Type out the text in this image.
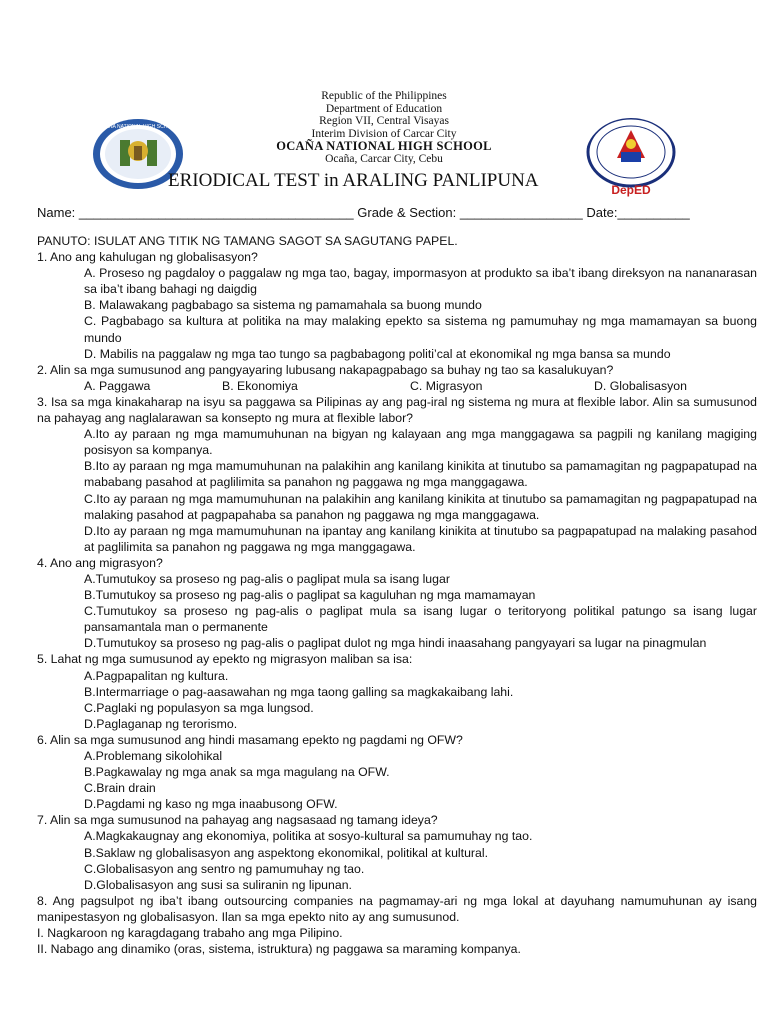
Republic of the Philippines
Department of Education
Region VII, Central Visayas
Interim Division of Carcar City
OCAÑA NATIONAL HIGH SCHOOL
Ocaña, Carcar City, Cebu
OCAÑA NATIONAL HIGH SCHOOL
DepED
ERIODICAL TEST in ARALING PANLIPUNA
Name: ______________________________________ Grade & Section: _________________ Date:__________

PANUTO: ISULAT ANG TITIK NG TAMANG SAGOT SA SAGUTANG PAPEL.

1. Ano ang kahulugan ng globalisasyon?

A. Proseso ng pagdaloy o paggalaw ng mga tao, bagay, impormasyon at produkto sa iba’t ibang direksyon na nananarasan sa iba’t ibang bahagi ng daigdig

B. Malawakang pagbabago sa sistema ng pamamahala sa buong mundo

C. Pagbabago sa kultura at politika na may malaking epekto sa sistema ng pamumuhay ng mga mamamayan sa buong mundo

D. Mabilis na paggalaw ng mga tao tungo sa pagbabagong politi’cal at ekonomikal ng mga bansa sa mundo

2. Alin sa mga sumusunod ang pangyayaring lubusang nakapagpabago sa buhay ng tao sa kasalukuyan?

A. Paggawa	B. Ekonomiya	C. Migrasyon	D. Globalisasyon

3. Isa sa mga kinakaharap na isyu sa paggawa sa Pilipinas ay ang pag-iral ng sistema ng mura at flexible labor. Alin sa sumusunod na pahayag ang naglalarawan sa konsepto ng mura at flexible labor?

A.Ito ay paraan ng mga mamumuhunan na bigyan ng kalayaan ang mga manggagawa sa pagpili ng kanilang magiging posisyon sa kompanya.

B.Ito ay paraan ng mga mamumuhunan na palakihin ang kanilang kinikita at tinutubo sa pamamagitan ng pagpapatupad na mababang pasahod at paglilimita sa panahon ng paggawa ng mga manggagawa.

C.Ito ay paraan ng mga mamumuhunan na palakihin ang kanilang kinikita at tinutubo sa pamamagitan ng pagpapatupad na malaking pasahod at pagpapahaba sa panahon ng paggawa ng mga manggagawa.

D.Ito ay paraan ng mga mamumuhunan na ipantay ang kanilang kinikita at tinutubo sa pagpapatupad na malaking pasahod at paglilimita sa panahon ng paggawa ng mga manggagawa.

4. Ano ang migrasyon?

A.Tumutukoy sa proseso ng pag-alis o paglipat mula sa isang lugar

B.Tumutukoy sa proseso ng pag-alis o paglipat sa kaguluhan ng mga mamamayan

C.Tumutukoy sa proseso ng pag-alis o paglipat mula sa isang lugar o teritoryong politikal patungo sa isang lugar pansamantala man o permanente

D.Tumutukoy sa proseso ng pag-alis o paglipat dulot ng mga hindi inaasahang pangyayari sa lugar na pinagmulan

5. Lahat ng mga sumusunod ay epekto ng migrasyon maliban sa isa:

A.Pagpapalitan ng kultura.

B.Intermarriage o pag-aasawahan ng mga taong galling sa magkakaibang lahi.

C.Paglaki ng populasyon sa mga lungsod.

D.Paglaganap ng terorismo.

6. Alin sa mga sumusunod ang hindi masamang epekto ng pagdami ng OFW?

A.Problemang sikolohikal

B.Pagkawalay ng mga anak sa mga magulang na OFW.

C.Brain drain

D.Pagdami ng kaso ng mga inaabusong OFW.

7. Alin sa mga sumusunod na pahayag ang nagsasaad ng tamang ideya?

A.Magkakaugnay ang ekonomiya, politika at sosyo-kultural sa pamumuhay ng tao.

B.Saklaw ng globalisasyon ang aspektong ekonomikal, politikal at kultural.

C.Globalisasyon ang sentro ng pamumuhay ng tao.

D.Globalisasyon ang susi sa suliranin ng lipunan.

8. Ang pagsulpot ng iba’t ibang outsourcing companies na pagmamay-ari ng mga lokal at dayuhang namumuhunan ay isang manipestasyon ng globalisasyon. Ilan sa mga epekto nito ay ang sumusunod.

I. Nagkaroon ng karagdagang trabaho ang mga Pilipino.

II. Nabago ang dinamiko (oras, sistema, istruktura) ng paggawa sa maraming kompanya.
